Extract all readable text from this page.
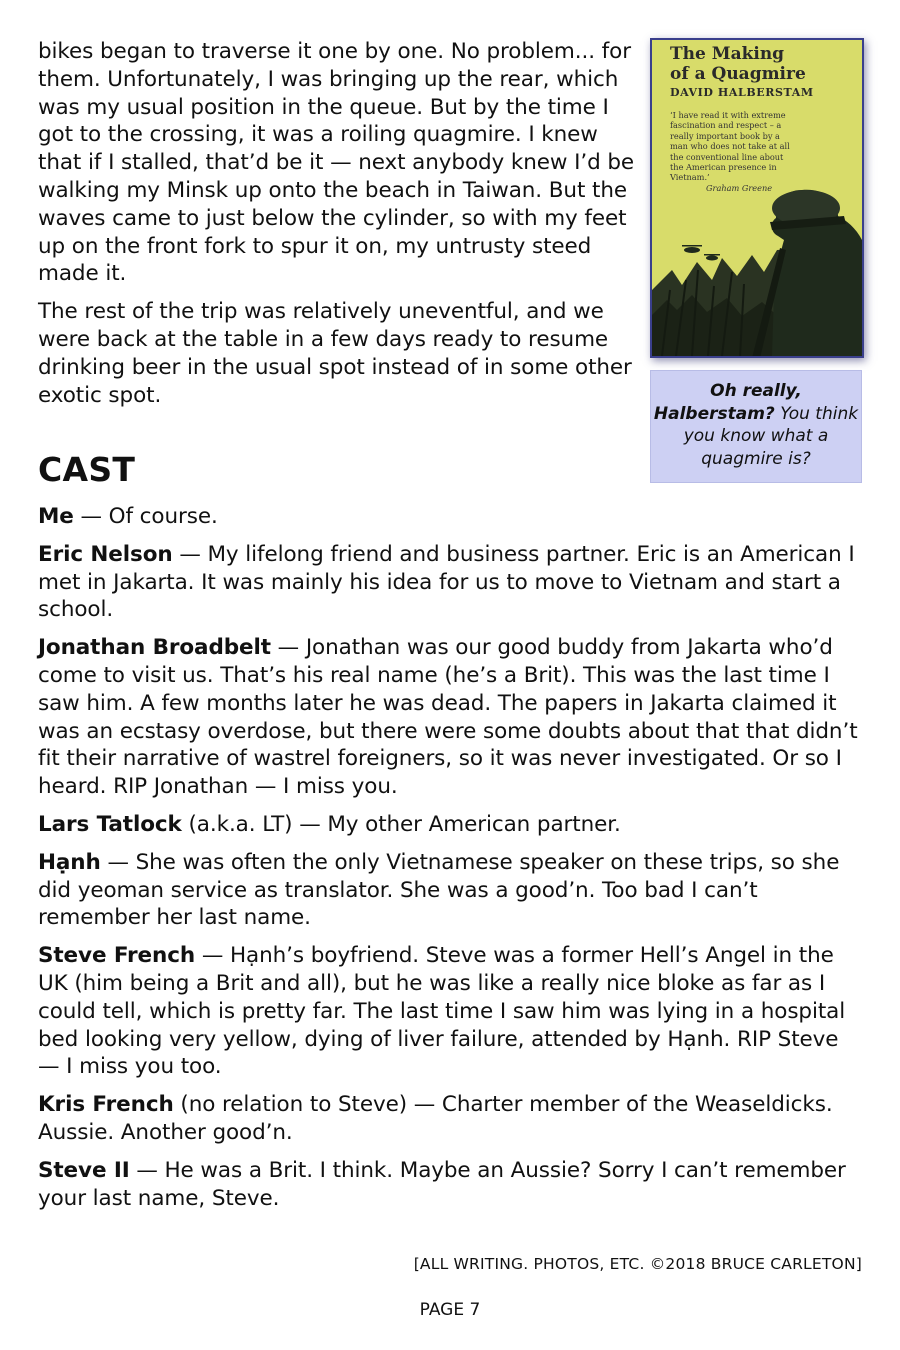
bikes began to traverse it one by one. No problem... for them. Unfortunately, I was bringing up the rear, which was my usual position in the queue. But by the time I got to the crossing, it was a roiling quagmire. I knew that if I stalled, that’d be it — next anybody knew I’d be walking my Minsk up onto the beach in Taiwan. But the waves came to just below the cylinder, so with my feet up on the front fork to spur it on, my untrusty steed made it.

The rest of the trip was relatively uneventful, and we were back at the table in a few days ready to resume drinking beer in the usual spot instead of in some other exotic spot.

The Making
of a Quagmire
DAVID HALBERSTAM
‘I have read it with extreme fascination and respect – a really important book by a man who does not take at all the conventional line about the American presence in Vietnam.’
Graham Greene
Oh really, Halberstam? You think you know what a quagmire is?
CAST

Me — Of course.

Eric Nelson — My lifelong friend and business partner. Eric is an American I met in Jakarta. It was mainly his idea for us to move to Vietnam and start a school.

Jonathan Broadbelt — Jonathan was our good buddy from Jakarta who’d come to visit us. That’s his real name (he’s a Brit). This was the last time I saw him. A few months later he was dead. The papers in Jakarta claimed it was an ecstasy overdose, but there were some doubts about that that didn’t fit their narrative of wastrel foreigners, so it was never investigated. Or so I heard. RIP Jonathan — I miss you.

Lars Tatlock (a.k.a. LT) — My other American partner.

Hạnh — She was often the only Vietnamese speaker on these trips, so she did yeoman service as translator. She was a good’n. Too bad I can’t remember her last name.

Steve French — Hạnh’s boyfriend. Steve was a former Hell’s Angel in the UK (him being a Brit and all), but he was like a really nice bloke as far as I could tell, which is pretty far. The last time I saw him was lying in a hospital bed looking very yellow, dying of liver failure, attended by Hạnh. RIP Steve — I miss you too.

Kris French (no relation to Steve) — Charter member of the Weaseldicks. Aussie. Another good’n.

Steve II — He was a Brit. I think. Maybe an Aussie? Sorry I can’t remember your last name, Steve.

[ALL WRITING. PHOTOS, ETC. ©2018 BRUCE CARLETON]
PAGE 7
